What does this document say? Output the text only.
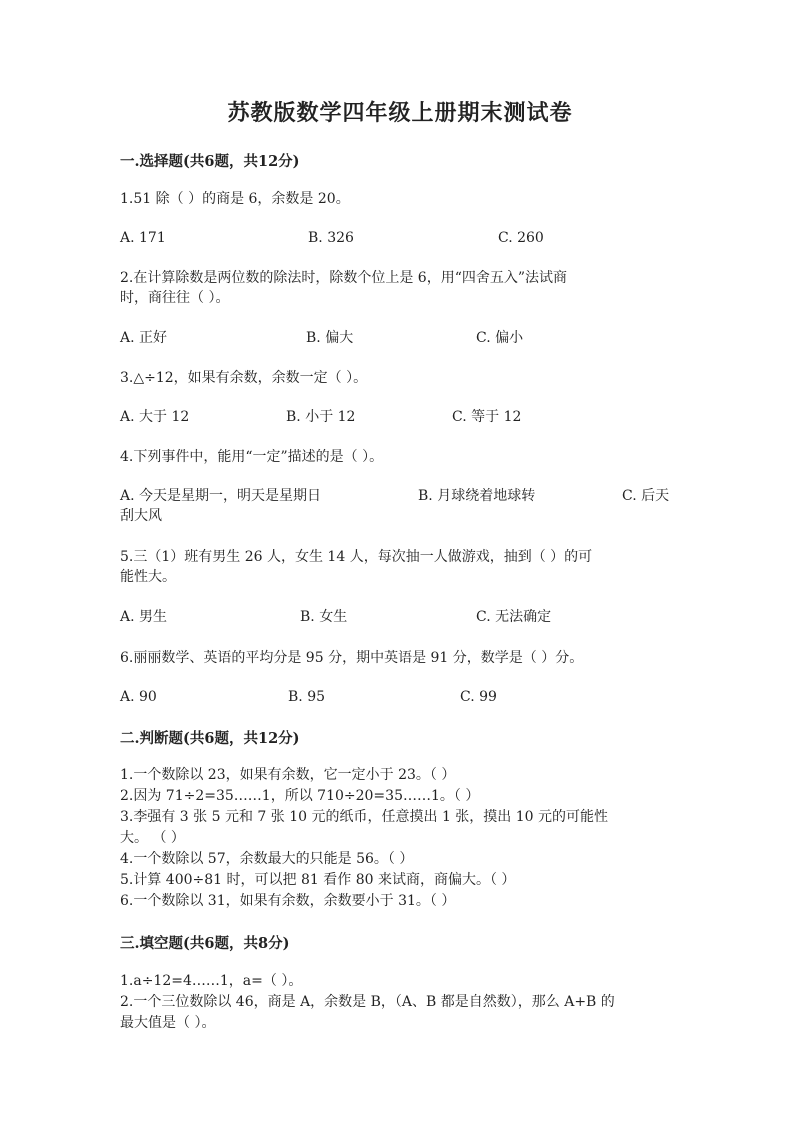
苏教版数学四年级上册期末测试卷
一.选择题(共6题，共12分)
1.51 除（ ）的商是 6，余数是 20。
A. 171	B. 326	C. 260
2.在计算除数是两位数的除法时，除数个位上是 6，用“四舍五入”法试商
时，商往往（ ）。
A. 正好	B. 偏大	C. 偏小
3.△÷12，如果有余数，余数一定（ ）。
A. 大于 12	B. 小于 12	C. 等于 12
4.下列事件中，能用“一定”描述的是（ ）。
A. 今天是星期一，明天是星期日	B. 月球绕着地球转	C. 后天
刮大风
5.三（1）班有男生 26 人，女生 14 人，每次抽一人做游戏，抽到（ ）的可
能性大。
A. 男生	B. 女生	C. 无法确定
6.丽丽数学、英语的平均分是 95 分，期中英语是 91 分，数学是（ ）分。
A. 90	B. 95	C. 99
二.判断题(共6题，共12分)
1.一个数除以 23，如果有余数，它一定小于 23。（ ）
2.因为 71÷2=35……1，所以 710÷20=35……1。（ ）
3.李强有 3 张 5 元和 7 张 10 元的纸币，任意摸出 1 张，摸出 10 元的可能性
大。 （ ）
4.一个数除以 57，余数最大的只能是 56。（ ）
5.计算 400÷81 时，可以把 81 看作 80 来试商，商偏大。（ ）
6.一个数除以 31，如果有余数，余数要小于 31。（ ）
三.填空题(共6题，共8分)
1.a÷12=4……1，a=（ ）。
2.一个三位数除以 46，商是 A，余数是 B，（A、B 都是自然数），那么 A+B 的
最大值是（ ）。
